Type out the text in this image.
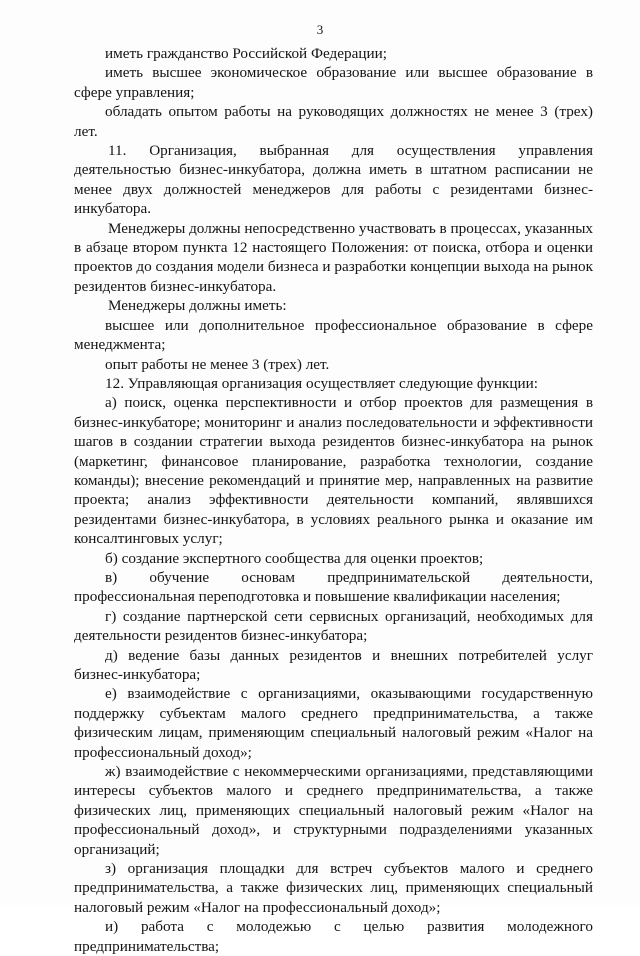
3

иметь гражданство Российской Федерации;

иметь высшее экономическое образование или высшее образование в сфере управления;

обладать опытом работы на руководящих должностях не менее 3 (трех) лет.

11. Организация, выбранная для осуществления управления деятельностью бизнес-инкубатора, должна иметь в штатном расписании не менее двух должностей менеджеров для работы с резидентами бизнес-инкубатора.

Менеджеры должны непосредственно участвовать в процессах, указанных в абзаце втором пункта 12 настоящего Положения: от поиска, отбора и оценки проектов до создания модели бизнеса и разработки концепции выхода на рынок резидентов бизнес-инкубатора.

Менеджеры должны иметь:

высшее или дополнительное профессиональное образование в сфере менеджмента;

опыт работы не менее 3 (трех) лет.

12. Управляющая организация осуществляет следующие функции:

а) поиск, оценка перспективности и отбор проектов для размещения в бизнес-инкубаторе; мониторинг и анализ последовательности и эффективности шагов в создании стратегии выхода резидентов бизнес-инкубатора на рынок (маркетинг, финансовое планирование, разработка технологии, создание команды); внесение рекомендаций и принятие мер, направленных на развитие проекта; анализ эффективности деятельности компаний, являвшихся резидентами бизнес-инкубатора, в условиях реального рынка и оказание им консалтинговых услуг;

б) создание экспертного сообщества для оценки проектов;

в) обучение основам предпринимательской деятельности, профессиональная переподготовка и повышение квалификации населения;

г) создание партнерской сети сервисных организаций, необходимых для деятельности резидентов бизнес-инкубатора;

д) ведение базы данных резидентов и внешних потребителей услуг бизнес-инкубатора;

е) взаимодействие с организациями, оказывающими государственную поддержку субъектам малого среднего предпринимательства, а также физическим лицам, применяющим специальный налоговый режим «Налог на профессиональный доход»;

ж) взаимодействие с некоммерческими организациями, представляющими интересы субъектов малого и среднего предпринимательства, а также физических лиц, применяющих специальный налоговый режим «Налог на профессиональный доход», и структурными подразделениями указанных организаций;

з) организация площадки для встреч субъектов малого и среднего предпринимательства, а также физических лиц, применяющих специальный налоговый режим «Налог на профессиональный доход»;

и) работа с молодежью с целью развития молодежного предпринимательства;
